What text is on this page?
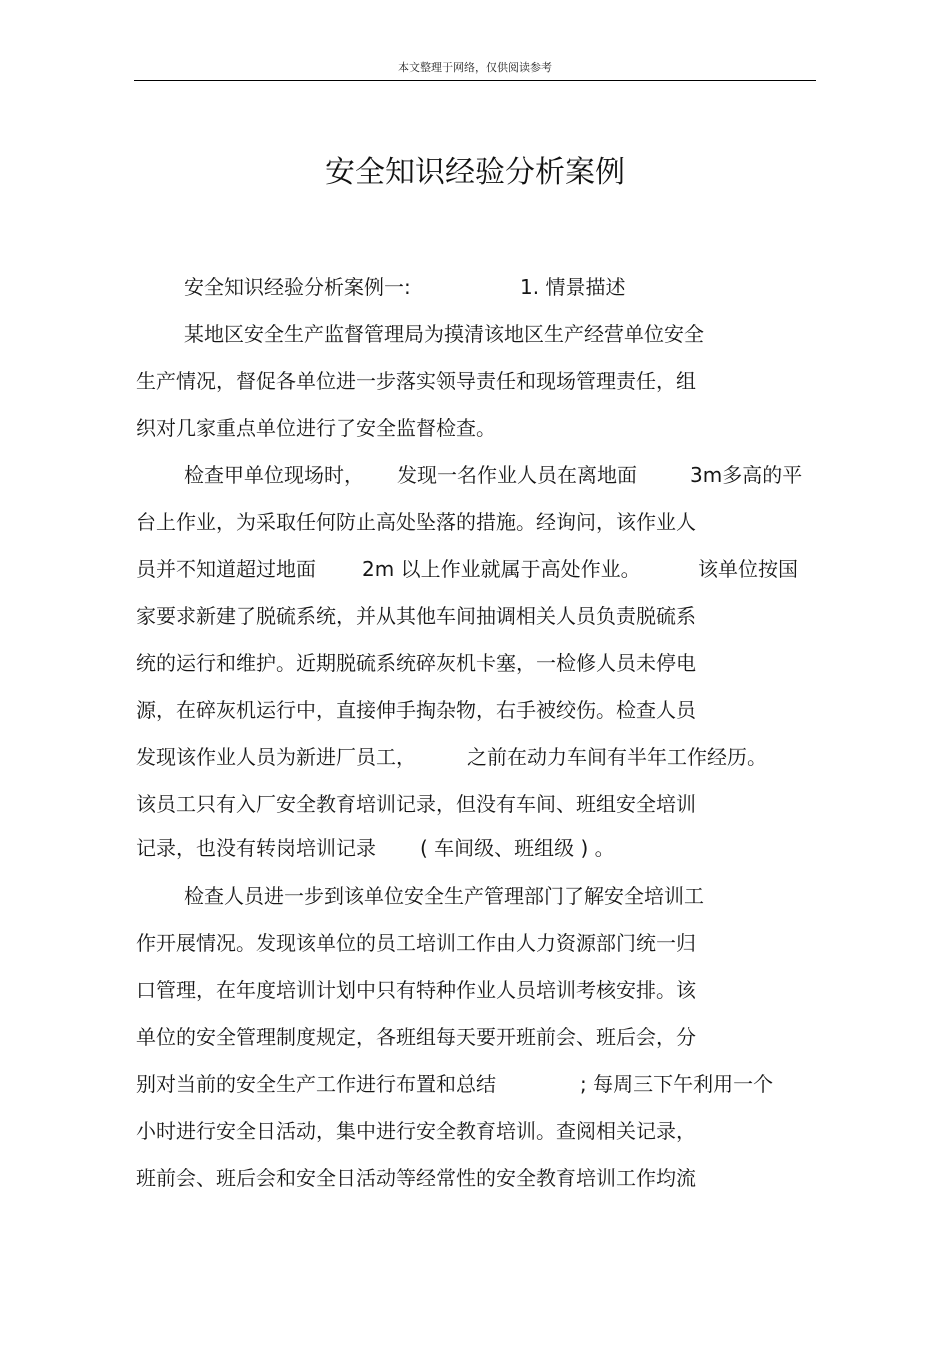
本文整理于网络，仅供阅读参考
安全知识经验分析案例
安全知识经验分析案例一:	1. 情景描述
某地区安全生产监督管理局为摸清该地区生产经营单位安全
生产情况，督促各单位进一步落实领导责任和现场管理责任，组
织对几家重点单位进行了安全监督检查。
检查甲单位现场时， 发现一名作业人员在离地面	3m多高的平
台上作业，为采取任何防止高处坠落的措施。经询问，该作业人
员并不知道超过地面 2m 以上作业就属于高处作业。	该单位按国
家要求新建了脱硫系统，并从其他车间抽调相关人员负责脱硫系
统的运行和维护。近期脱硫系统碎灰机卡塞，一检修人员未停电
源，在碎灰机运行中，直接伸手掏杂物，右手被绞伤。检查人员
发现该作业人员为新进厂员工，	之前在动力车间有半年工作经历。
该员工只有入厂安全教育培训记录，但没有车间、班组安全培训
记录，也没有转岗培训记录 ( 车间级、班组级 ) 。
检查人员进一步到该单位安全生产管理部门了解安全培训工
作开展情况。发现该单位的员工培训工作由人力资源部门统一归
口管理，在年度培训计划中只有特种作业人员培训考核安排。该
单位的安全管理制度规定，各班组每天要开班前会、班后会，分
别对当前的安全生产工作进行布置和总结	; 每周三下午利用一个
小时进行安全日活动，集中进行安全教育培训。查阅相关记录，
班前会、班后会和安全日活动等经常性的安全教育培训工作均流
